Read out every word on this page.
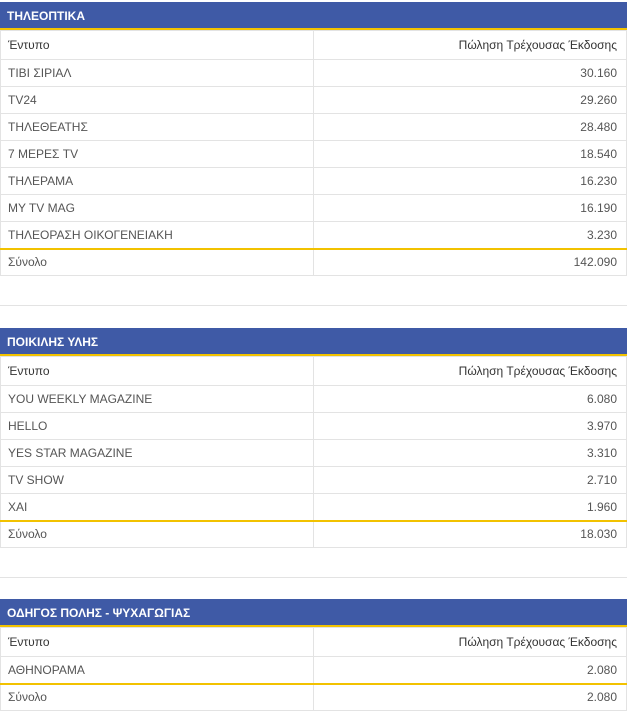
ΤΗΛΕΟΠΤΙΚΑ
Έντυπο	Πώληση Τρέχουσας Έκδοσης
ΤΙΒΙ ΣΙΡΙΑΛ	30.160
TV24	29.260
ΤΗΛΕΘΕΑΤΗΣ	28.480
7 ΜΕΡΕΣ TV	18.540
ΤΗΛΕΡΑΜΑ	16.230
MY TV MAG	16.190
ΤΗΛΕΟΡΑΣΗ ΟΙΚΟΓΕΝΕΙΑΚΗ	3.230
Σύνολο	142.090
ΠΟΙΚΙΛΗΣ ΥΛΗΣ
Έντυπο	Πώληση Τρέχουσας Έκδοσης
YOU WEEKLY MAGAZINE	6.080
HELLO	3.970
YES STAR MAGAZINE	3.310
TV SHOW	2.710
ΧΑΙ	1.960
Σύνολο	18.030
ΟΔΗΓΟΣ ΠΟΛΗΣ - ΨΥΧΑΓΩΓΙΑΣ
Έντυπο	Πώληση Τρέχουσας Έκδοσης
ΑΘΗΝΟΡΑΜΑ	2.080
Σύνολο	2.080
